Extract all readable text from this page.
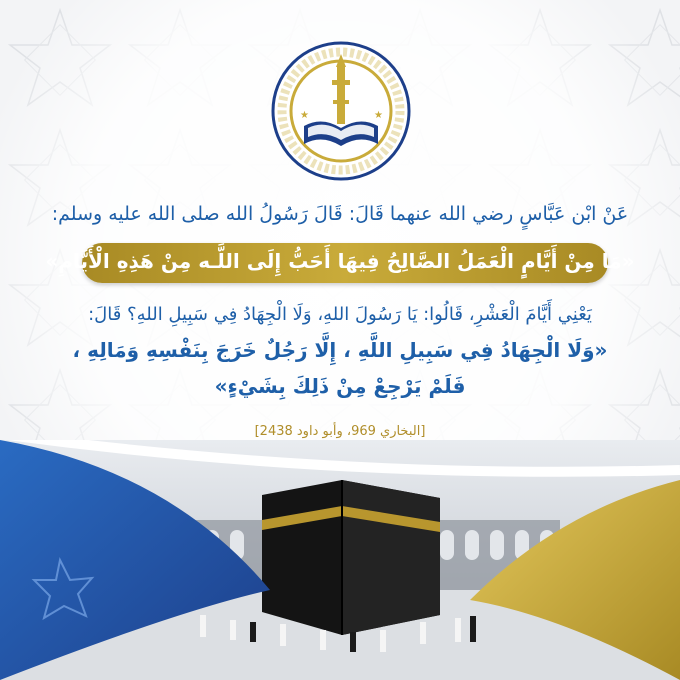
★	★
عَنْ ابْن عَبَّاسٍ رضي الله عنهما قَالَ: قَالَ رَسُولُ الله صلى الله عليه وسلم:
«مَا مِنْ أَيَّامٍ الْعَمَلُ الصَّالِحُ فِيهَا أَحَبُّ إِلَى اللَّـه مِنْ هَذِهِ الْأَيَّامِ»
يَعْنِي أَيَّامَ الْعَشْرِ، قَالُوا: يَا رَسُولَ اللهِ، وَلَا الْجِهَادُ فِي سَبِيلِ اللهِ؟ قَالَ:
«وَلَا الْجِهَادُ فِي سَبِيلِ اللَّهِ ، إِلَّا رَجُلٌ خَرَجَ بِنَفْسِهِ وَمَالِهِ ،
فَلَمْ يَرْجِعْ مِنْ ذَلِكَ بِشَيْءٍ»
[البخاري 969، وأبو داود 2438]
